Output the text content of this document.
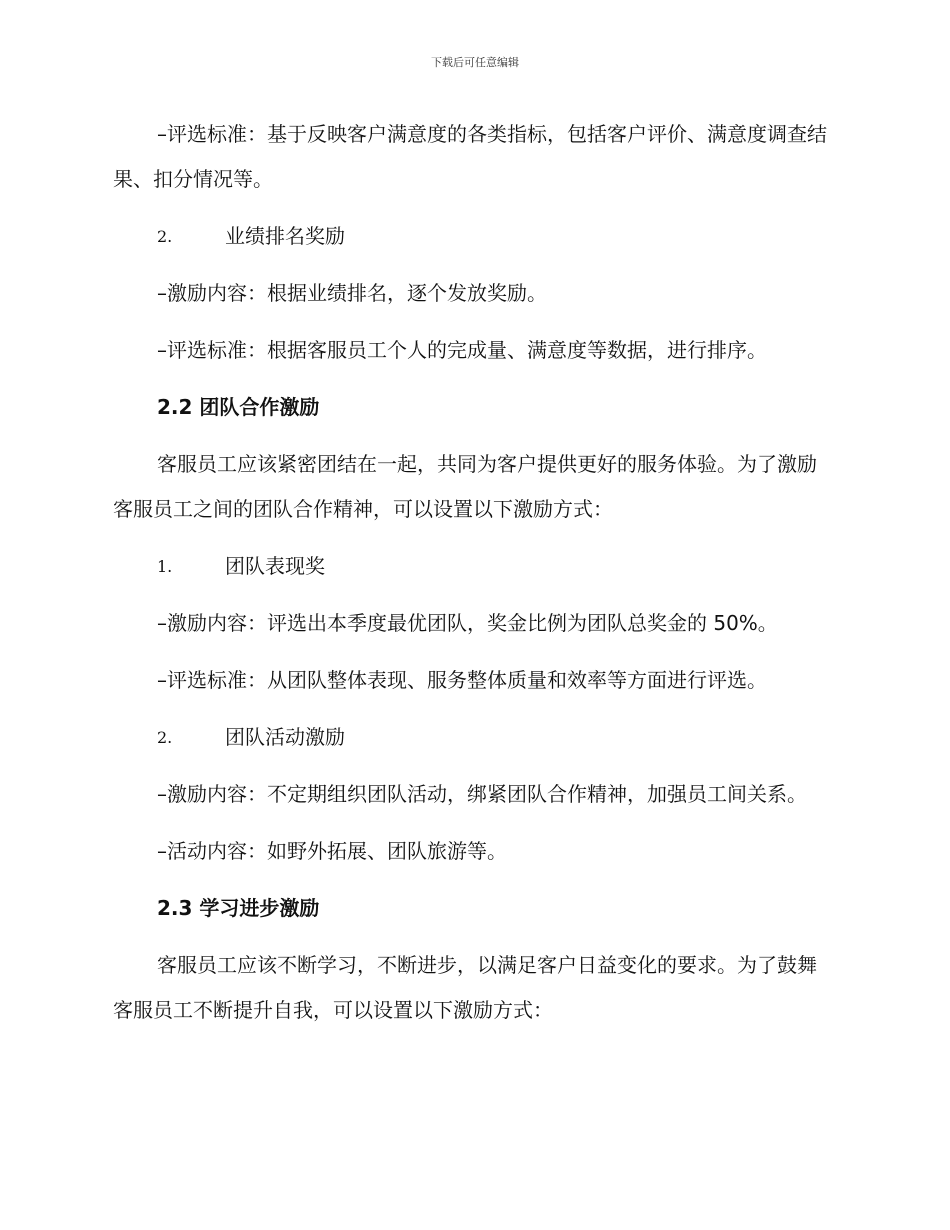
下载后可任意编辑

–评选标准：基于反映客户满意度的各类指标，包括客户评价、满意度调查结果、扣分情况等。

2.	业绩排名奖励

–激励内容：根据业绩排名，逐个发放奖励。

–评选标准：根据客服员工个人的完成量、满意度等数据，进行排序。

2.2 团队合作激励

客服员工应该紧密团结在一起，共同为客户提供更好的服务体验。为了激励客服员工之间的团队合作精神，可以设置以下激励方式：

1.	团队表现奖

–激励内容：评选出本季度最优团队，奖金比例为团队总奖金的 50%。

–评选标准：从团队整体表现、服务整体质量和效率等方面进行评选。

2.	团队活动激励

–激励内容：不定期组织团队活动，绑紧团队合作精神，加强员工间关系。

–活动内容：如野外拓展、团队旅游等。

2.3 学习进步激励

客服员工应该不断学习，不断进步，以满足客户日益变化的要求。为了鼓舞客服员工不断提升自我，可以设置以下激励方式：
